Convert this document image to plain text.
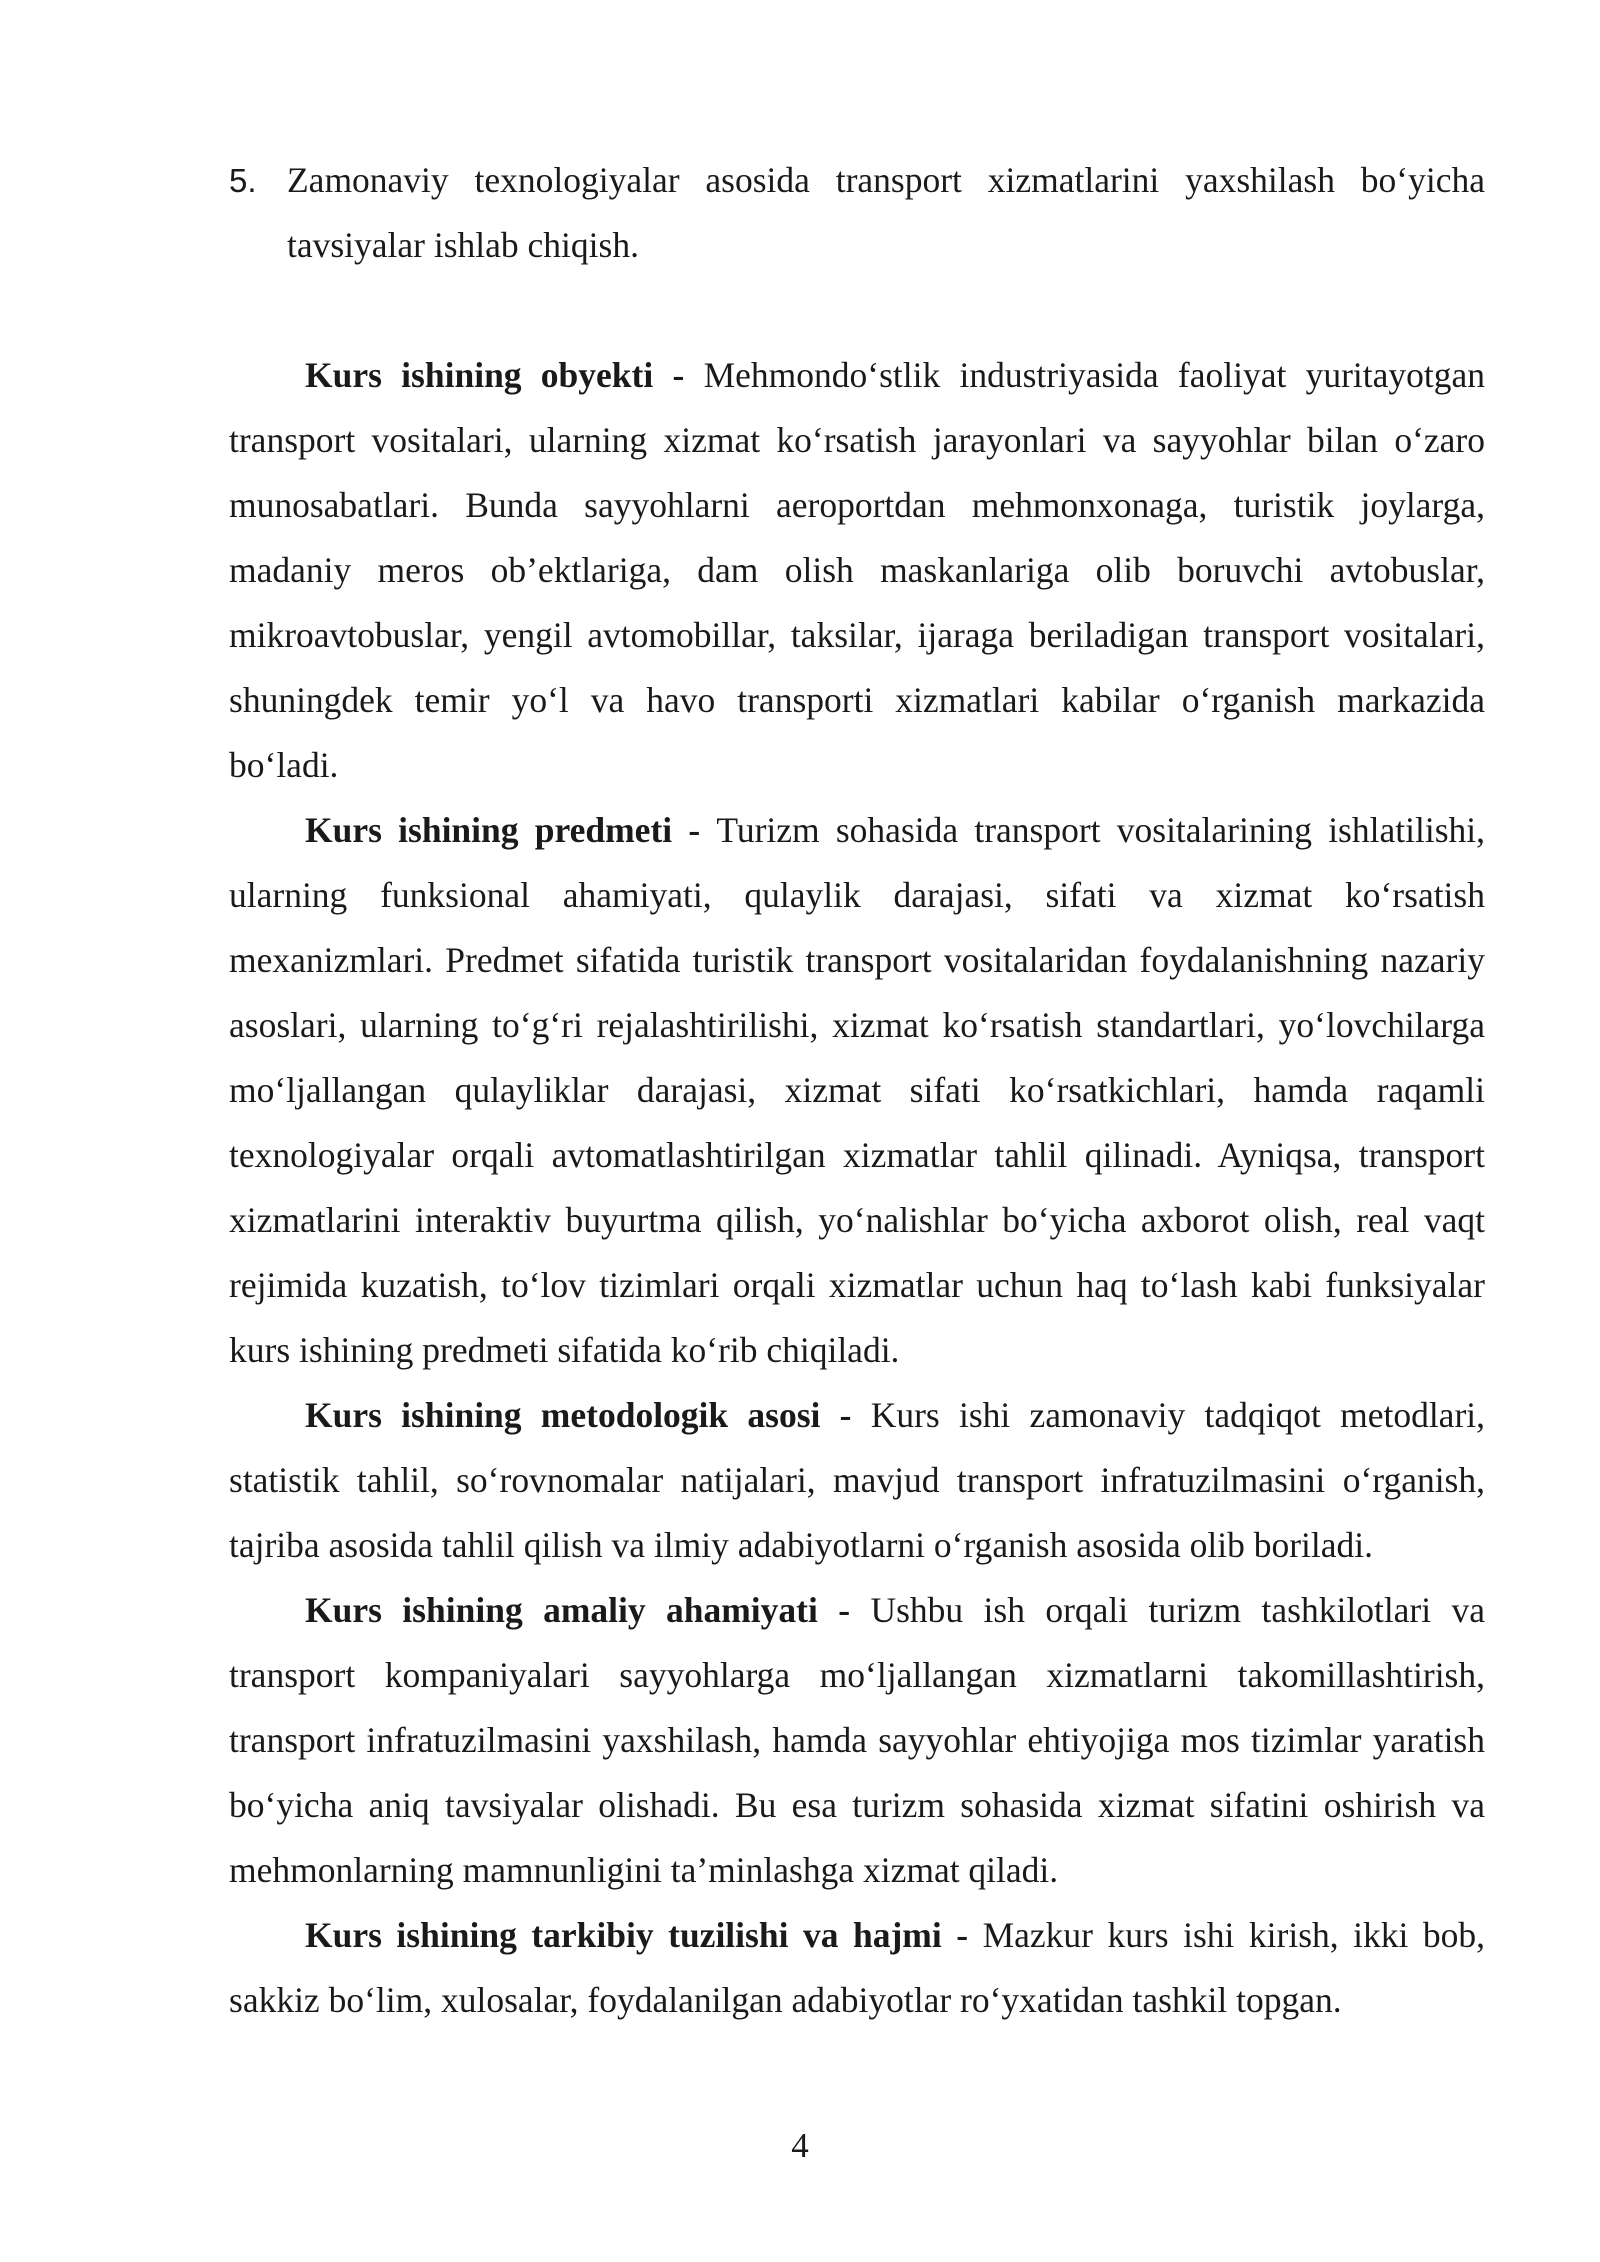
5. Zamonaviy texnologiyalar asosida transport xizmatlarini yaxshilash bo‘yicha tavsiyalar ishlab chiqish.

Kurs ishining obyekti - Mehmondo‘stlik industriyasida faoliyat yuritayotgan transport vositalari, ularning xizmat ko‘rsatish jarayonlari va sayyohlar bilan o‘zaro munosabatlari. Bunda sayyohlarni aeroportdan mehmonxonaga, turistik joylarga, madaniy meros ob’ektlariga, dam olish maskanlariga olib boruvchi avtobuslar, mikroavtobuslar, yengil avtomobillar, taksilar, ijaraga beriladigan transport vositalari, shuningdek temir yo‘l va havo transporti xizmatlari kabilar o‘rganish markazida bo‘ladi.

Kurs ishining predmeti - Turizm sohasida transport vositalarining ishlatilishi, ularning funksional ahamiyati, qulaylik darajasi, sifati va xizmat ko‘rsatish mexanizmlari. Predmet sifatida turistik transport vositalaridan foydalanishning nazariy asoslari, ularning to‘g‘ri rejalashtirilishi, xizmat ko‘rsatish standartlari, yo‘lovchilarga mo‘ljallangan qulayliklar darajasi, xizmat sifati ko‘rsatkichlari, hamda raqamli texnologiyalar orqali avtomatlashtirilgan xizmatlar tahlil qilinadi. Ayniqsa, transport xizmatlarini interaktiv buyurtma qilish, yo‘nalishlar bo‘yicha axborot olish, real vaqt rejimida kuzatish, to‘lov tizimlari orqali xizmatlar uchun haq to‘lash kabi funksiyalar kurs ishining predmeti sifatida ko‘rib chiqiladi.

Kurs ishining metodologik asosi - Kurs ishi zamonaviy tadqiqot metodlari, statistik tahlil, so‘rovnomalar natijalari, mavjud transport infratuzilmasini o‘rganish, tajriba asosida tahlil qilish va ilmiy adabiyotlarni o‘rganish asosida olib boriladi.

Kurs ishining amaliy ahamiyati - Ushbu ish orqali turizm tashkilotlari va transport kompaniyalari sayyohlarga mo‘ljallangan xizmatlarni takomillashtirish, transport infratuzilmasini yaxshilash, hamda sayyohlar ehtiyojiga mos tizimlar yaratish bo‘yicha aniq tavsiyalar olishadi. Bu esa turizm sohasida xizmat sifatini oshirish va mehmonlarning mamnunligini ta’minlashga xizmat qiladi.

Kurs ishining tarkibiy tuzilishi va hajmi - Mazkur kurs ishi kirish, ikki bob, sakkiz bo‘lim, xulosalar, foydalanilgan adabiyotlar ro‘yxatidan tashkil topgan.

4
